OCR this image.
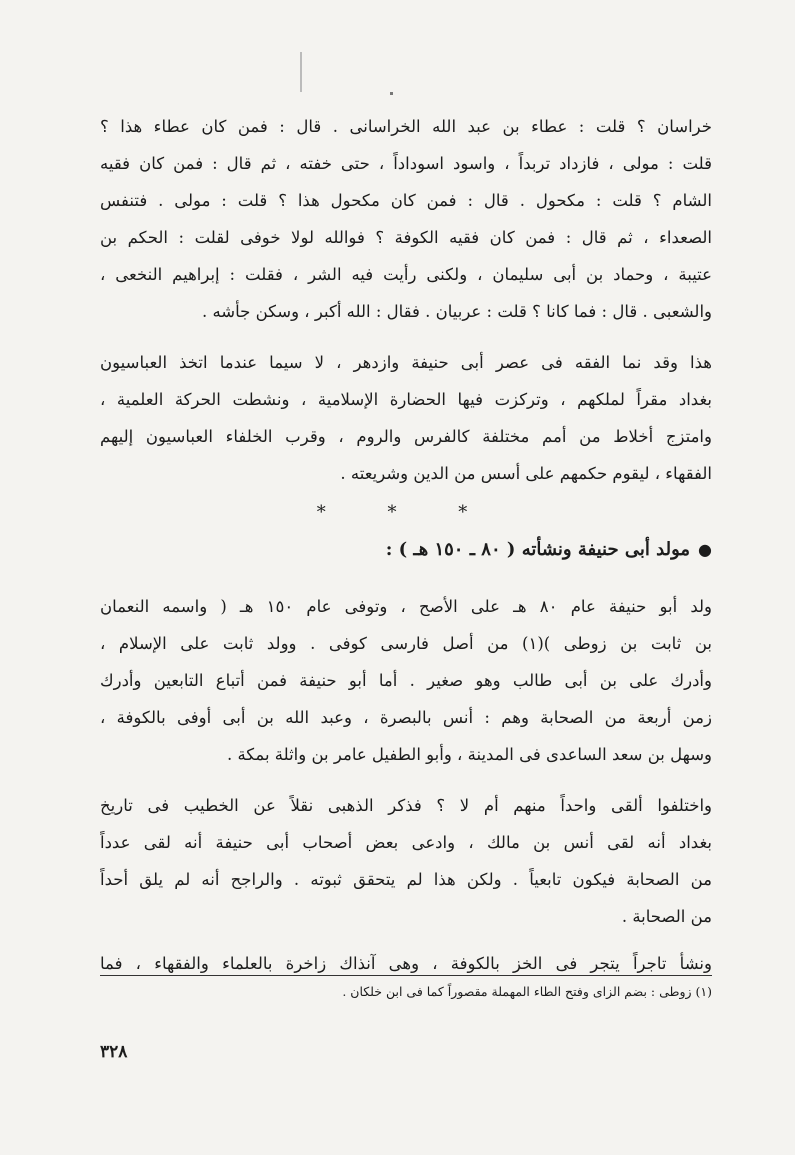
خراسان ؟ قلت : عطاء بن عبد الله الخراسانى . قال : فمن كان عطاء هذا ؟
قلت : مولى ، فازداد تربداً ، واسود اسوداداً ، حتى خفته ، ثم قال : فمن كان فقيه
الشام ؟ قلت : مكحول . قال : فمن كان مكحول هذا ؟ قلت : مولى . فتنفس
الصعداء ، ثم قال : فمن كان فقيه الكوفة ؟ فوالله لولا خوفى لقلت : الحكم بن
عتيبة ، وحماد بن أبى سليمان ، ولكنى رأيت فيه الشر ، فقلت : إبراهيم النخعى ،
والشعبى . قال : فما كانا ؟ قلت : عربيان . فقال : الله أكبر ، وسكن جأشه .
هذا وقد نما الفقه فى عصر أبى حنيفة وازدهر ، لا سيما عندما اتخذ العباسيون
بغداد مقراً لملكهم ، وتركزت فيها الحضارة الإسلامية ، ونشطت الحركة العلمية ،
وامتزج أخلاط من أمم مختلفة كالفرس والروم ، وقرب الخلفاء العباسيون إليهم
الفقهاء ، ليقوم حكمهم على أسس من الدين وشريعته .
* * *
●مولد أبى حنيفة ونشأته ( ٨٠ ـ ١٥٠ هـ ) :
ولد أبو حنيفة عام ٨٠ هـ على الأصح ، وتوفى عام ١٥٠ هـ ( واسمه النعمان
بن ثابت بن زوطى )(١) من أصل فارسى كوفى . وولد ثابت على الإسلام ،
وأدرك على بن أبى طالب وهو صغير . أما أبو حنيفة فمن أتباع التابعين وأدرك
زمن أربعة من الصحابة وهم : أنس بالبصرة ، وعبد الله بن أبى أوفى بالكوفة ،
وسهل بن سعد الساعدى فى المدينة ، وأبو الطفيل عامر بن واثلة بمكة .
واختلفوا ألقى واحداً منهم أم لا ؟ فذكر الذهبى نقلاً عن الخطيب فى تاريخ
بغداد أنه لقى أنس بن مالك ، وادعى بعض أصحاب أبى حنيفة أنه لقى عدداً
من الصحابة فيكون تابعياً . ولكن هذا لم يتحقق ثبوته . والراجح أنه لم يلق أحداً
من الصحابة .
ونشأ تاجراً يتجر فى الخز بالكوفة ، وهى آنذاك زاخرة بالعلماء والفقهاء ، فما
(١) زوطى : بضم الزاى وفتح الطاء المهملة مقصوراً كما فى ابن خلكان .
٣٢٨
